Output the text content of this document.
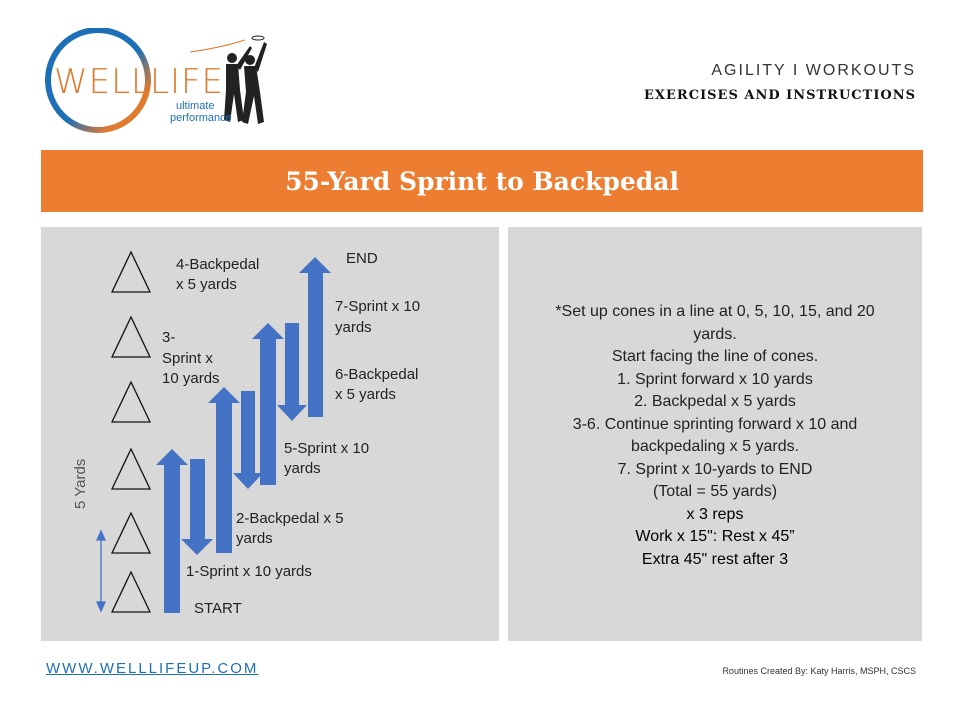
WELL LIFE
ultimate
performance
AGILITY I WORKOUTS
EXERCISES AND INSTRUCTIONS
55-Yard Sprint to Backpedal
END
4-Backpedal
x 5 yards
7-Sprint x 10
yards
3-
Sprint x
10 yards	6-Backpedal
x 5 yards
5-Sprint x 10
yards
2-Backpedal x 5
yards
1-Sprint x 10 yards
START
5 Yards
*Set up cones in a line at 0, 5, 10, 15, and 20
yards.
Start facing the line of cones.
1. Sprint forward x 10 yards
2. Backpedal x 5 yards
3-6. Continue sprinting forward x 10 and
backpedaling x 5 yards.
7. Sprint x 10-yards to END
(Total = 55 yards)
x 3 reps
Work x 15": Rest x 45”
Extra 45" rest after 3
WWW.WELLLIFEUP.COM	Routines Created By: Katy Harris, MSPH, CSCS
